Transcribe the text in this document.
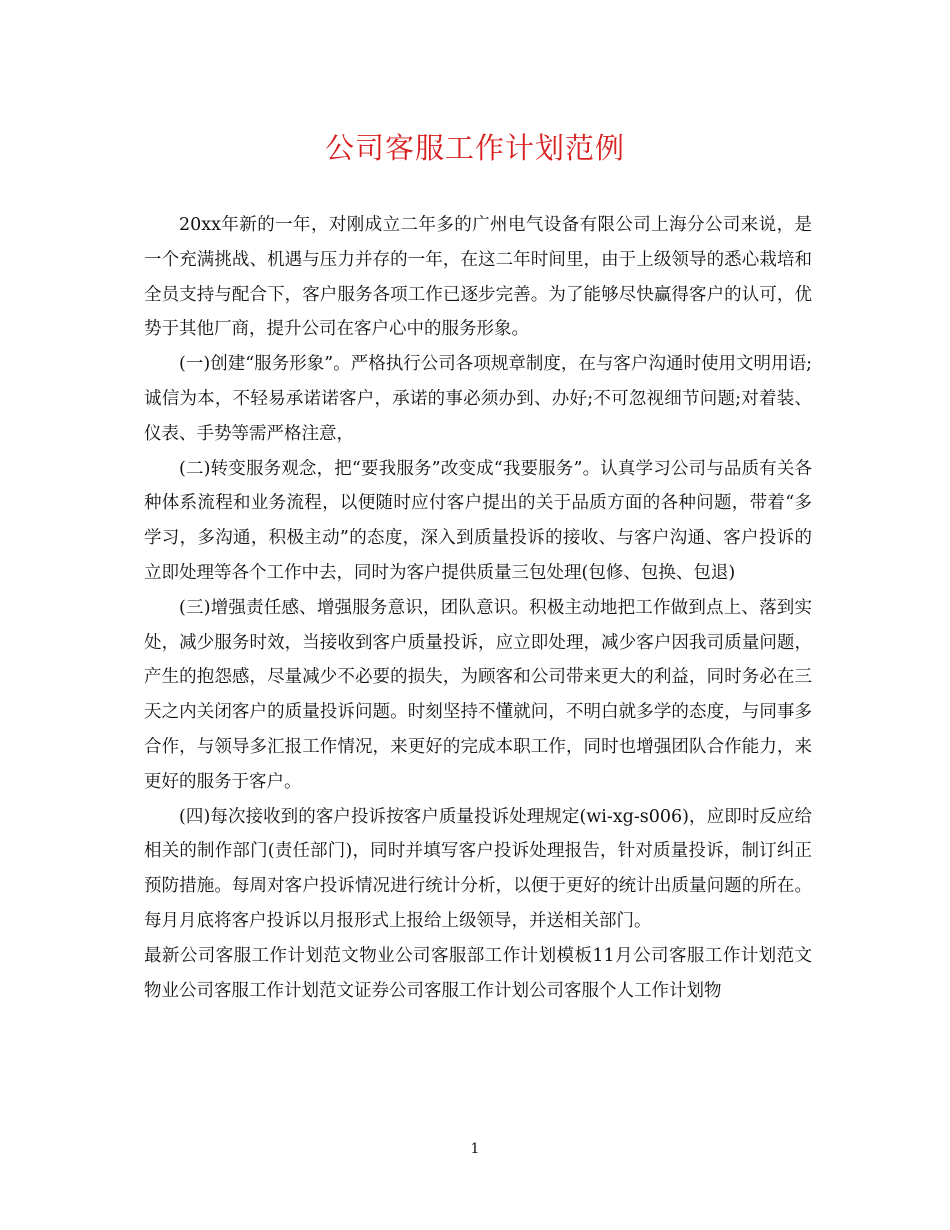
公司客服工作计划范例

20xx年新的一年，对刚成立二年多的广州电气设备有限公司上海分公司来说，是一个充满挑战、机遇与压力并存的一年，在这二年时间里，由于上级领导的悉心栽培和全员支持与配合下，客户服务各项工作已逐步完善。为了能够尽快赢得客户的认可，优势于其他厂商，提升公司在客户心中的服务形象。

(一)创建“服务形象”。严格执行公司各项规章制度，在与客户沟通时使用文明用语;诚信为本，不轻易承诺诺客户，承诺的事必须办到、办好;不可忽视细节问题;对着装、仪表、手势等需严格注意，

(二)转变服务观念，把“要我服务”改变成“我要服务”。认真学习公司与品质有关各种体系流程和业务流程，以便随时应付客户提出的关于品质方面的各种问题，带着“多学习，多沟通，积极主动”的态度，深入到质量投诉的接收、与客户沟通、客户投诉的立即处理等各个工作中去，同时为客户提供质量三包处理(包修、包换、包退)

(三)增强责任感、增强服务意识，团队意识。积极主动地把工作做到点上、落到实处，减少服务时效，当接收到客户质量投诉，应立即处理，减少客户因我司质量问题，产生的抱怨感，尽量减少不必要的损失，为顾客和公司带来更大的利益，同时务必在三天之内关闭客户的质量投诉问题。时刻坚持不懂就问，不明白就多学的态度，与同事多合作，与领导多汇报工作情况，来更好的完成本职工作，同时也增强团队合作能力，来更好的服务于客户。

(四)每次接收到的客户投诉按客户质量投诉处理规定(wi-xg-s006)，应即时反应给相关的制作部门(责任部门)，同时并填写客户投诉处理报告，针对质量投诉，制订纠正预防措施。每周对客户投诉情况进行统计分析，以便于更好的统计出质量问题的所在。每月月底将客户投诉以月报形式上报给上级领导，并送相关部门。

最新公司客服工作计划范文物业公司客服部工作计划模板11月公司客服工作计划范文物业公司客服工作计划范文证券公司客服工作计划公司客服个人工作计划物

1
